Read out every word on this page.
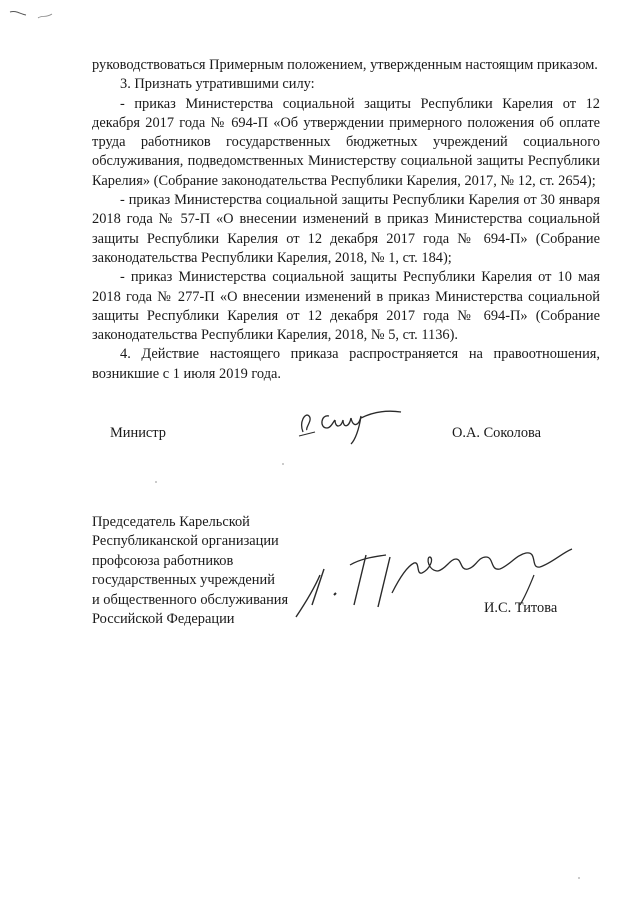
руководствоваться Примерным положением, утвержденным настоящим приказом.

3. Признать утратившими силу:

- приказ Министерства социальной защиты Республики Карелия от 12 декабря 2017 года № 694-П «Об утверждении примерного положения об оплате труда работников государственных бюджетных учреждений социального обслуживания, подведомственных Министерству социальной защиты Республики Карелия» (Собрание законодательства Республики Карелия, 2017, № 12, ст. 2654);

- приказ Министерства социальной защиты Республики Карелия от 30 января 2018 года № 57-П «О внесении изменений в приказ Министерства социальной защиты Республики Карелия от 12 декабря 2017 года № 694-П» (Собрание законодательства Республики Карелия, 2018, № 1, ст. 184);

- приказ Министерства социальной защиты Республики Карелия от 10 мая 2018 года № 277-П «О внесении изменений в приказ Министерства социальной защиты Республики Карелия от 12 декабря 2017 года № 694-П» (Собрание законодательства Республики Карелия, 2018, № 5, ст. 1136).

4. Действие настоящего приказа распространяется на правоотношения, возникшие с 1 июля 2019 года.

Министр	О.А. Соколова
Председатель Карельской
Республиканской организации
профсоюза работников
государственных учреждений
и общественного обслуживания
Российской Федерации
И.С. Титова
